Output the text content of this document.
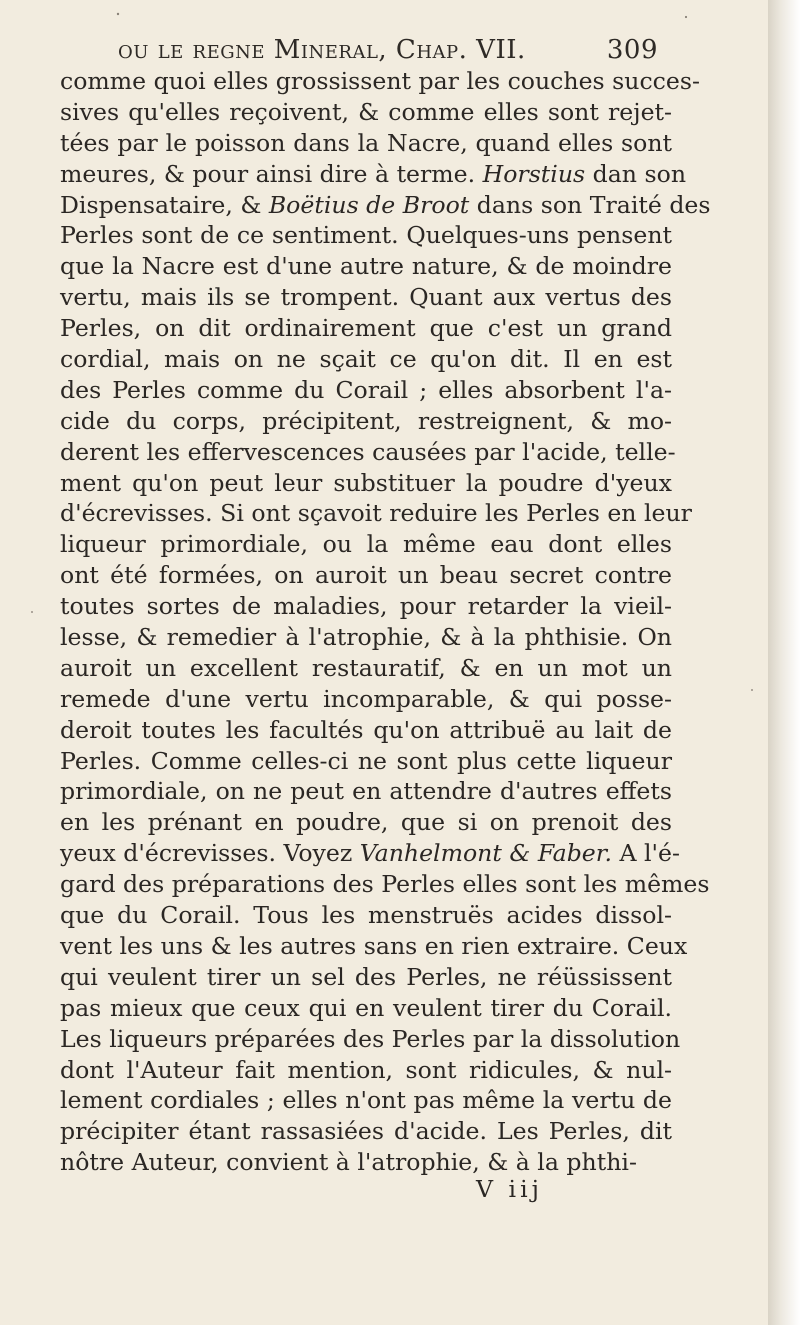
ou le regne Mineral, Chap. VII.	309
comme quoi elles grossissent par les couches succes-
sives qu'elles reçoivent, & comme elles sont rejet-
tées par le poisson dans la Nacre, quand elles sont
meures, & pour ainsi dire à terme. Horstius dan son
Dispensataire, & Boëtius de Broot dans son Traité des
Perles sont de ce sentiment. Quelques-uns pensent
que la Nacre est d'une autre nature, & de moindre
vertu, mais ils se trompent. Quant aux vertus des
Perles, on dit ordinairement que c'est un grand
cordial, mais on ne sçait ce qu'on dit. Il en est
des Perles comme du Corail ; elles absorbent l'a-
cide du corps, précipitent, restreignent, & mo-
derent les effervescences causées par l'acide, telle-
ment qu'on peut leur substituer la poudre d'yeux
d'écrevisses. Si ont sçavoit reduire les Perles en leur
liqueur primordiale, ou la même eau dont elles
ont été formées, on auroit un beau secret contre
toutes sortes de maladies, pour retarder la vieil-
lesse, & remedier à l'atrophie, & à la phthisie. On
auroit un excellent restauratif, & en un mot un
remede d'une vertu incomparable, & qui posse-
deroit toutes les facultés qu'on attribuë au lait de
Perles. Comme celles-ci ne sont plus cette liqueur
primordiale, on ne peut en attendre d'autres effets
en les prénant en poudre, que si on prenoit des
yeux d'écrevisses. Voyez Vanhelmont & Faber. A l'é-
gard des préparations des Perles elles sont les mêmes
que du Corail. Tous les menstruës acides dissol-
vent les uns & les autres sans en rien extraire. Ceux
qui veulent tirer un sel des Perles, ne réüssissent
pas mieux que ceux qui en veulent tirer du Corail.
Les liqueurs préparées des Perles par la dissolution
dont l'Auteur fait mention, sont ridicules, & nul-
lement cordiales ; elles n'ont pas même la vertu de
précipiter étant rassasiées d'acide. Les Perles, dit
nôtre Auteur, convient à l'atrophie, & à la phthi-
V iij
